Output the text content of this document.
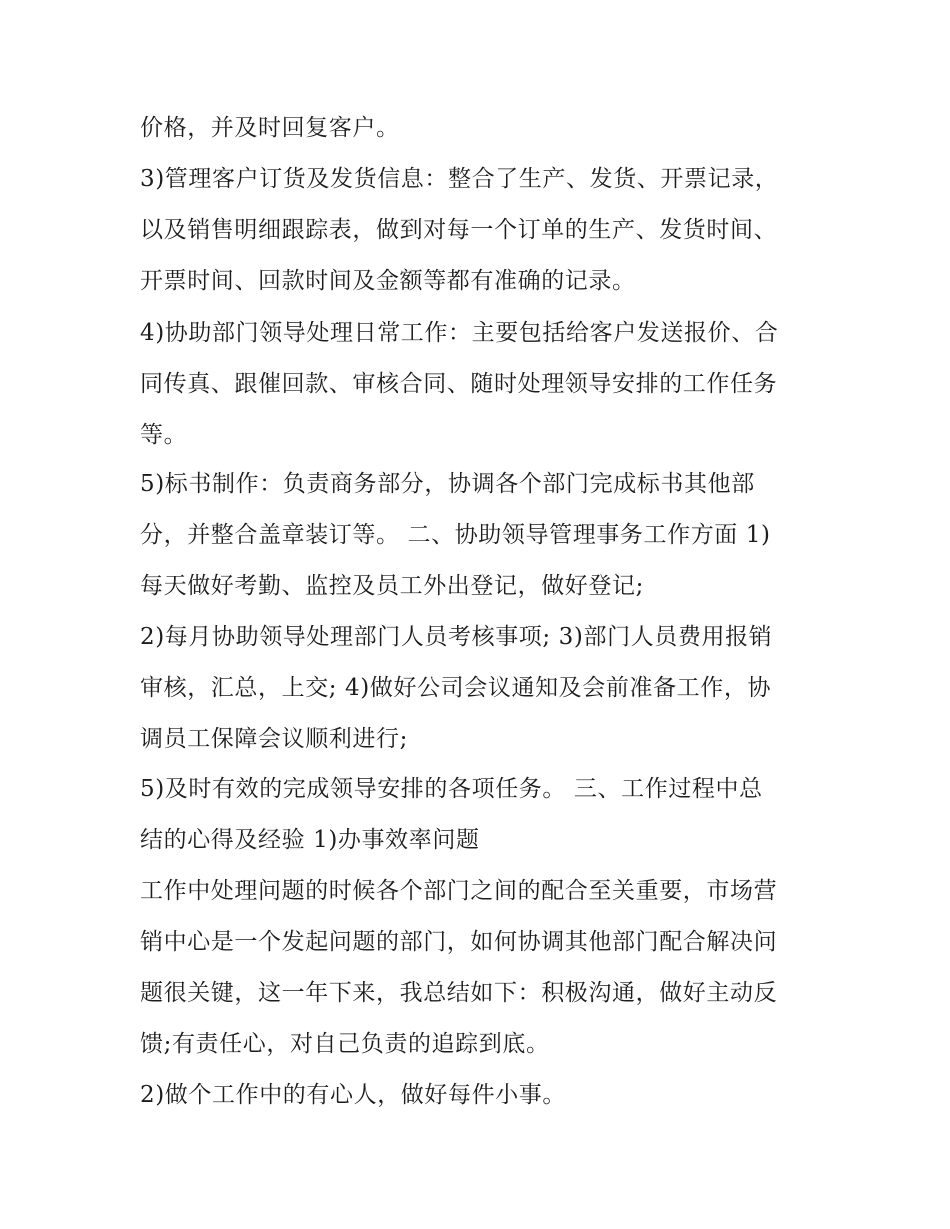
价格，并及时回复客户。

3)管理客户订货及发货信息：整合了生产、发货、开票记录，

以及销售明细跟踪表，做到对每一个订单的生产、发货时间、

开票时间、回款时间及金额等都有准确的记录。

4)协助部门领导处理日常工作：主要包括给客户发送报价、合

同传真、跟催回款、审核合同、随时处理领导安排的工作任务

等。

5)标书制作：负责商务部分，协调各个部门完成标书其他部

分，并整合盖章装订等。 二、协助领导管理事务工作方面 1)

每天做好考勤、监控及员工外出登记，做好登记;

2)每月协助领导处理部门人员考核事项; 3)部门人员费用报销

审核，汇总，上交; 4)做好公司会议通知及会前准备工作，协

调员工保障会议顺利进行;

5)及时有效的完成领导安排的各项任务。 三、工作过程中总

结的心得及经验 1)办事效率问题

工作中处理问题的时候各个部门之间的配合至关重要，市场营

销中心是一个发起问题的部门，如何协调其他部门配合解决问

题很关键，这一年下来，我总结如下：积极沟通，做好主动反

馈;有责任心，对自己负责的追踪到底。

2)做个工作中的有心人，做好每件小事。
